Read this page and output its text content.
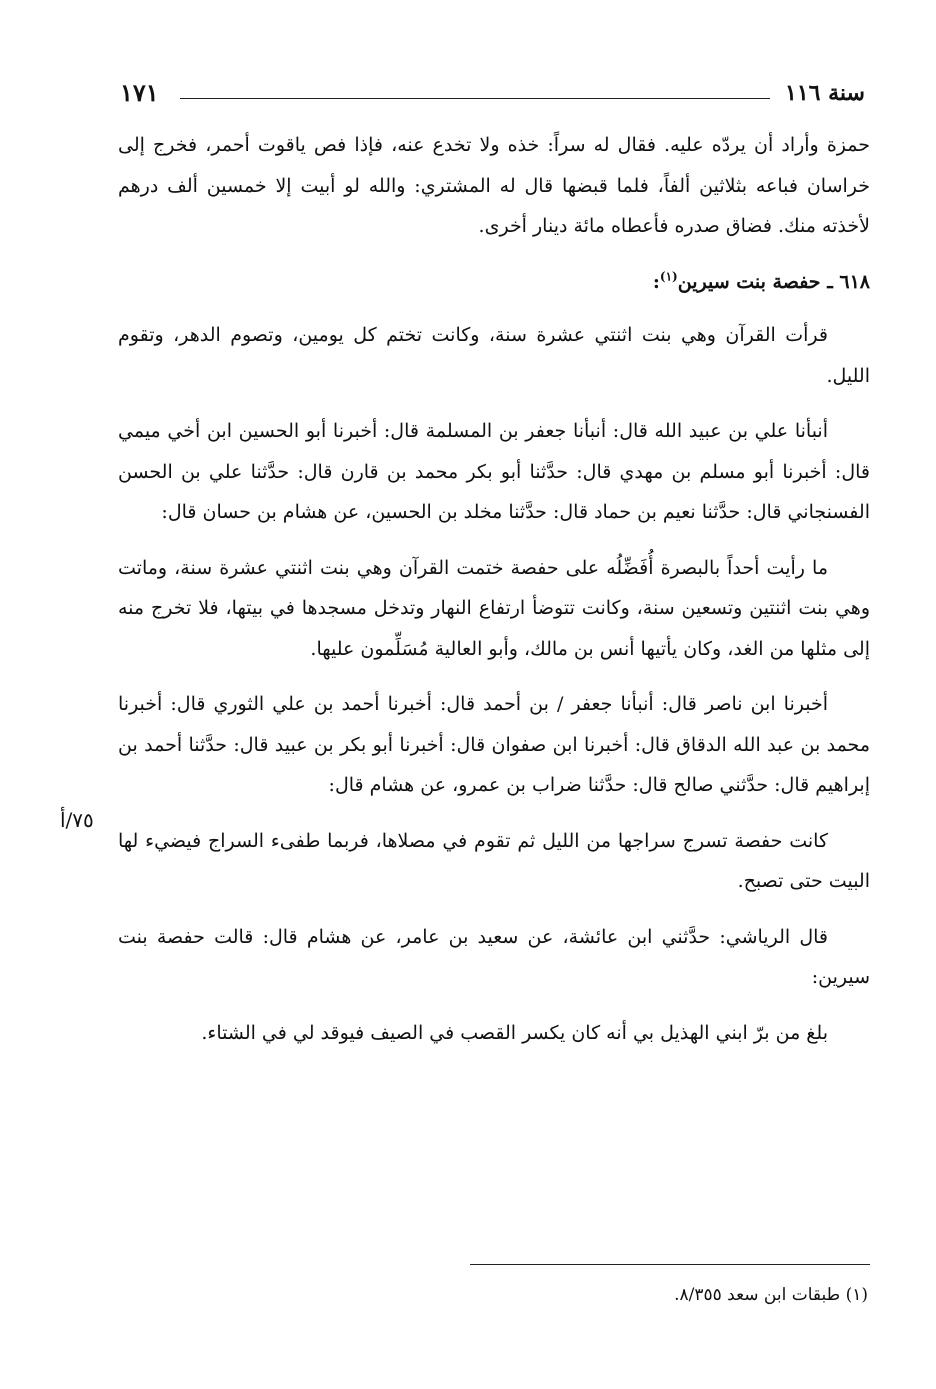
سنة ١١٦
١٧١

حمزة وأراد أن يردّه عليه. فقال له سراً: خذه ولا تخدع عنه، فإذا فص ياقوت أحمر، فخرج إلى خراسان فباعه بثلاثين ألفاً، فلما قبضها قال له المشتري: والله لو أبيت إلا خمسين ألف درهم لأخذته منك. فضاق صدره فأعطاه مائة دينار أخرى.

٦١٨ ـ حفصة بنت سيرين$^{(١)}$:

قرأت القرآن وهي بنت اثنتي عشرة سنة، وكانت تختم كل يومين، وتصوم الدهر، وتقوم الليل.

أنبأنا علي بن عبيد الله قال: أنبأنا جعفر بن المسلمة قال: أخبرنا أبو الحسين ابن أخي ميمي قال: أخبرنا أبو مسلم بن مهدي قال: حدَّثنا أبو بكر محمد بن قارن قال: حدَّثنا علي بن الحسن الفسنجاني قال: حدَّثنا نعيم بن حماد قال: حدَّثنا مخلد بن الحسين، عن هشام بن حسان قال:

ما رأيت أحداً بالبصرة أُفَضِّلُه على حفصة ختمت القرآن وهي بنت اثنتي عشرة سنة، وماتت وهي بنت اثنتين وتسعين سنة، وكانت تتوضأ ارتفاع النهار وتدخل مسجدها في بيتها، فلا تخرج منه إلى مثلها من الغد، وكان يأتيها أنس بن مالك، وأبو العالية مُسَلِّمون عليها.

أخبرنا ابن ناصر قال: أنبأنا جعفر / بن أحمد قال: أخبرنا أحمد بن علي الثوري قال: أخبرنا محمد بن عبد الله الدقاق قال: أخبرنا ابن صفوان قال: أخبرنا أبو بكر بن عبيد قال: حدَّثنا أحمد بن إبراهيم قال: حدَّثني صالح قال: حدَّثنا ضراب بن عمرو، عن هشام قال:

كانت حفصة تسرج سراجها من الليل ثم تقوم في مصلاها، فربما طفىء السراج فيضيء لها البيت حتى تصبح.

قال الرياشي: حدَّثني ابن عائشة، عن سعيد بن عامر، عن هشام قال: قالت حفصة بنت سيرين:

بلغ من برّ ابني الهذيل بي أنه كان يكسر القصب في الصيف فيوقد لي في الشتاء.

٧٥/أ
(١) طبقات ابن سعد ٨/٣٥٥.
